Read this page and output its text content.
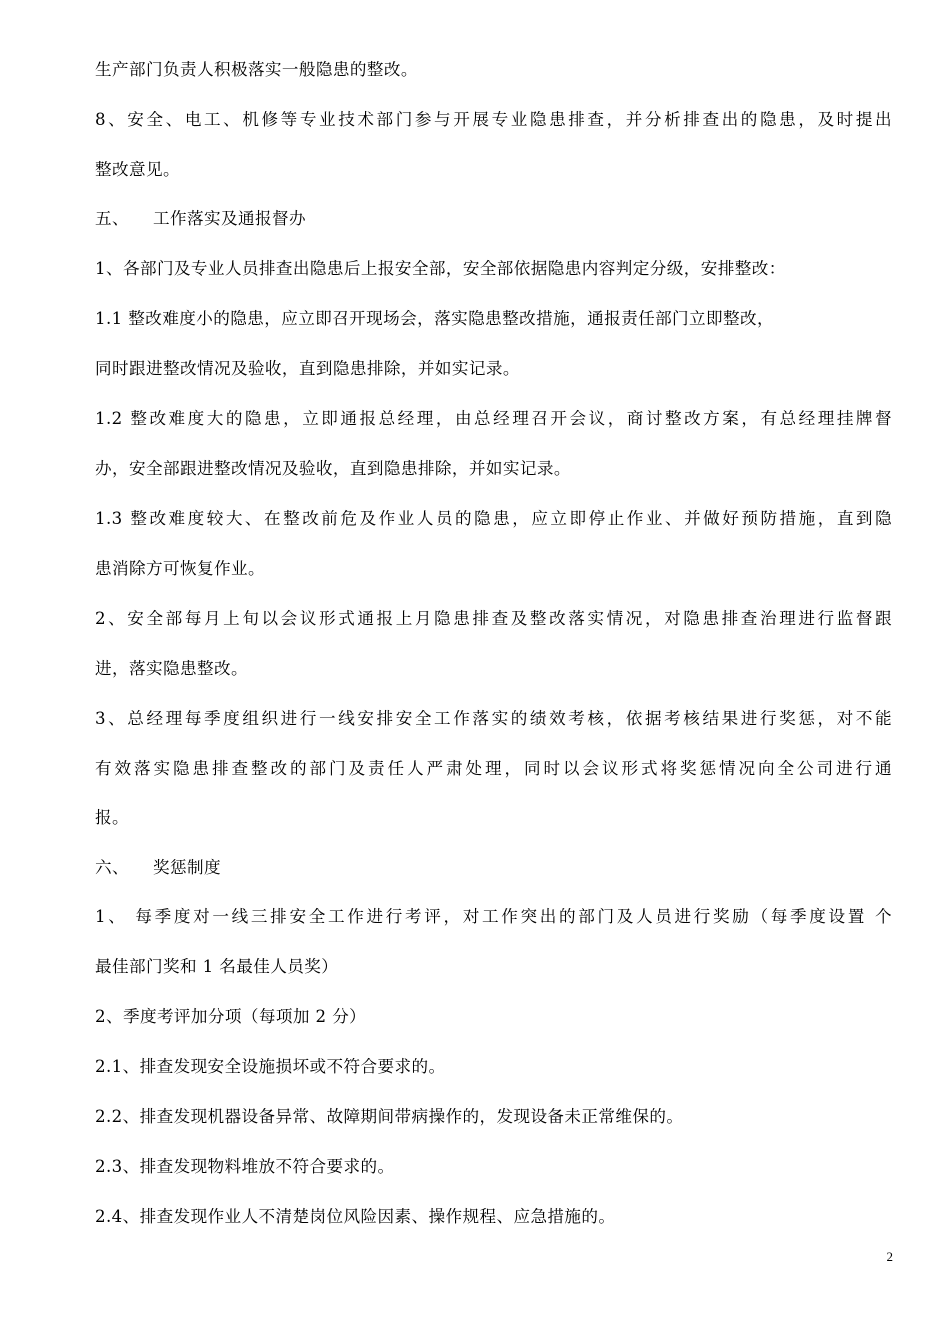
生产部门负责人积极落实一般隐患的整改。
8、安全、电工、机修等专业技术部门参与开展专业隐患排查，并分析排查出的隐患，及时提出
整改意见。
五、	工作落实及通报督办
1、各部门及专业人员排查出隐患后上报安全部，安全部依据隐患内容判定分级，安排整改：
1.1 整改难度小的隐患，应立即召开现场会，落实隐患整改措施，通报责任部门立即整改，
同时跟进整改情况及验收，直到隐患排除，并如实记录。
1.2 整改难度大的隐患，立即通报总经理，由总经理召开会议，商讨整改方案，有总经理挂牌督
办，安全部跟进整改情况及验收，直到隐患排除，并如实记录。
1.3 整改难度较大、在整改前危及作业人员的隐患，应立即停止作业、并做好预防措施，直到隐
患消除方可恢复作业。
2、安全部每月上旬以会议形式通报上月隐患排查及整改落实情况，对隐患排查治理进行监督跟
进，落实隐患整改。
3、总经理每季度组织进行一线安排安全工作落实的绩效考核，依据考核结果进行奖惩，对不能
有效落实隐患排查整改的部门及责任人严肃处理，同时以会议形式将奖惩情况向全公司进行通
报。
六、	奖惩制度
1、 每季度对一线三排安全工作进行考评，对工作突出的部门及人员进行奖励（每季度设置 个
最佳部门奖和 1 名最佳人员奖）
2、季度考评加分项（每项加 2 分）
2.1、排查发现安全设施损坏或不符合要求的。
2.2、排查发现机器设备异常、故障期间带病操作的，发现设备未正常维保的。
2.3、排查发现物料堆放不符合要求的。
2.4、排查发现作业人不清楚岗位风险因素、操作规程、应急措施的。
2
